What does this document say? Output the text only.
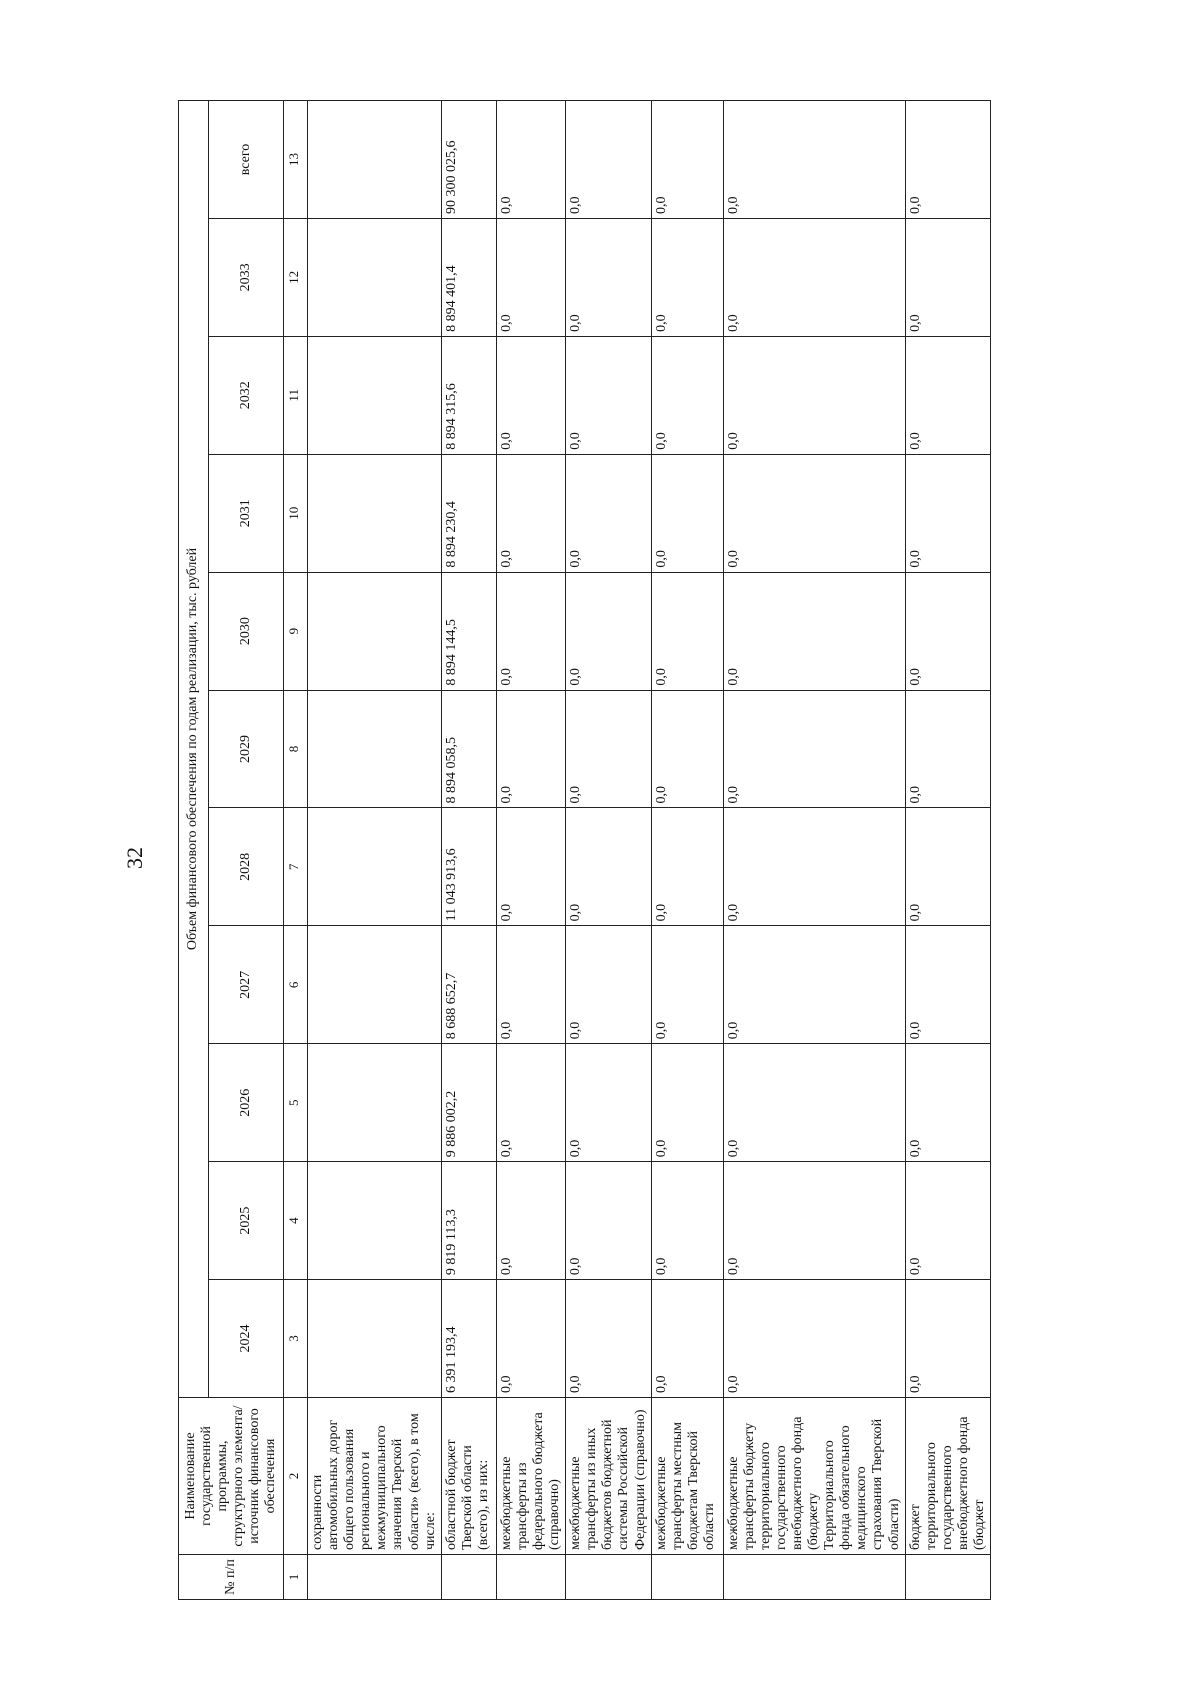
32
№ п/п	Наименование государственной программы, структурного элемента/источник финансового обеспечения	Объем финансового обеспечения по годам реализации, тыс. рублей										
		2024	2025	2026	2027	2028	2029	2030	2031	2032	2033	всего
1	2	3	4	5	6	7	8	9	10	11	12	13
	сохранности автомобильных дорог общего пользования регионального и межмуниципального значения Тверской области» (всего), в том числе:											
	областной бюджет Тверской области (всего), из них:	6 391 193,4	9 819 113,3	9 886 002,2	8 688 652,7	11 043 913,6	8 894 058,5	8 894 144,5	8 894 230,4	8 894 315,6	8 894 401,4	90 300 025,6
	межбюджетные трансферты из федерального бюджета (справочно)	0,0	0,0	0,0	0,0	0,0	0,0	0,0	0,0	0,0	0,0	0,0
	межбюджетные трансферты из иных бюджетов бюджетной системы Российской Федерации (справочно)	0,0	0,0	0,0	0,0	0,0	0,0	0,0	0,0	0,0	0,0	0,0
	межбюджетные трансферты местным бюджетам Тверской области	0,0	0,0	0,0	0,0	0,0	0,0	0,0	0,0	0,0	0,0	0,0
	межбюджетные трансферты бюджету территориального государственного внебюджетного фонда (бюджету Территориального фонда обязательного медицинского страхования Тверской области)	0,0	0,0	0,0	0,0	0,0	0,0	0,0	0,0	0,0	0,0	0,0
	бюджет территориального государственного внебюджетного фонда (бюджет	0,0	0,0	0,0	0,0	0,0	0,0	0,0	0,0	0,0	0,0	0,0
